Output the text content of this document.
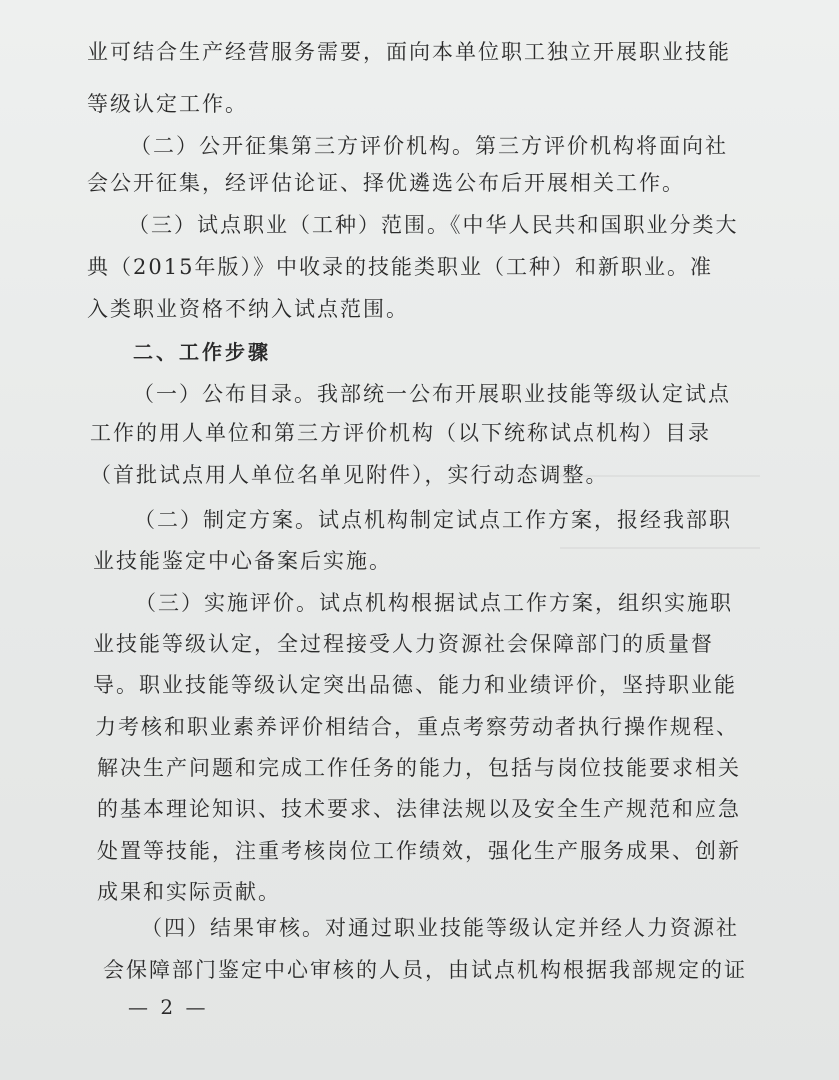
业可结合生产经营服务需要，面向本单位职工独立开展职业技能
等级认定工作。
（二）公开征集第三方评价机构。第三方评价机构将面向社
会公开征集，经评估论证、择优遴选公布后开展相关工作。
（三）试点职业（工种）范围。《中华人民共和国职业分类大
典（2015年版）》中收录的技能类职业（工种）和新职业。准
入类职业资格不纳入试点范围。
二、工作步骤
（一）公布目录。我部统一公布开展职业技能等级认定试点
工作的用人单位和第三方评价机构（以下统称试点机构）目录
（首批试点用人单位名单见附件），实行动态调整。
（二）制定方案。试点机构制定试点工作方案，报经我部职
业技能鉴定中心备案后实施。
（三）实施评价。试点机构根据试点工作方案，组织实施职
业技能等级认定，全过程接受人力资源社会保障部门的质量督
导。职业技能等级认定突出品德、能力和业绩评价，坚持职业能
力考核和职业素养评价相结合，重点考察劳动者执行操作规程、
解决生产问题和完成工作任务的能力，包括与岗位技能要求相关
的基本理论知识、技术要求、法律法规以及安全生产规范和应急
处置等技能，注重考核岗位工作绩效，强化生产服务成果、创新
成果和实际贡献。
（四）结果审核。对通过职业技能等级认定并经人力资源社
会保障部门鉴定中心审核的人员，由试点机构根据我部规定的证
— 2 —
